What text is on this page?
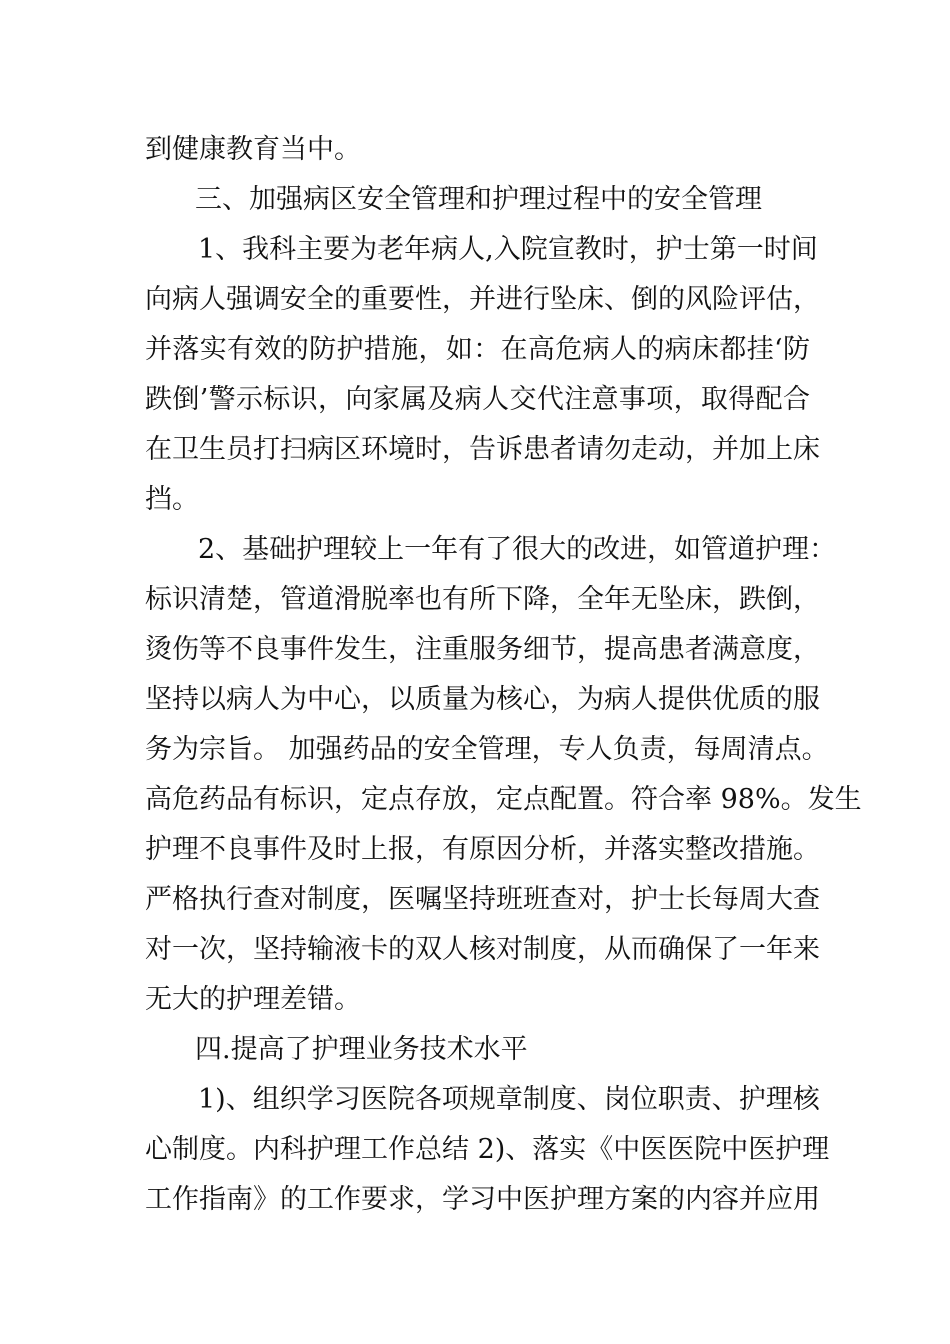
到健康教育当中。
三、加强病区安全管理和护理过程中的安全管理
1、我科主要为老年病人,入院宣教时，护士第一时间
向病人强调安全的重要性，并进行坠床、倒的风险评估，
并落实有效的防护措施，如：在高危病人的病床都挂‘防
跌倒’警示标识，向家属及病人交代注意事项，取得配合
在卫生员打扫病区环境时，告诉患者请勿走动，并加上床
挡。
2、基础护理较上一年有了很大的改进，如管道护理：
标识清楚，管道滑脱率也有所下降，全年无坠床，跌倒，
烫伤等不良事件发生，注重服务细节，提高患者满意度，
坚持以病人为中心，以质量为核心，为病人提供优质的服
务为宗旨。 加强药品的安全管理，专人负责，每周清点。
高危药品有标识，定点存放，定点配置。符合率 98%。发生
护理不良事件及时上报，有原因分析，并落实整改措施。
严格执行查对制度，医嘱坚持班班查对，护士长每周大查
对一次，坚持输液卡的双人核对制度，从而确保了一年来
无大的护理差错。
四.提高了护理业务技术水平
1)、组织学习医院各项规章制度、岗位职责、护理核
心制度。内科护理工作总结 2)、落实《中医医院中医护理
工作指南》的工作要求，学习中医护理方案的内容并应用
